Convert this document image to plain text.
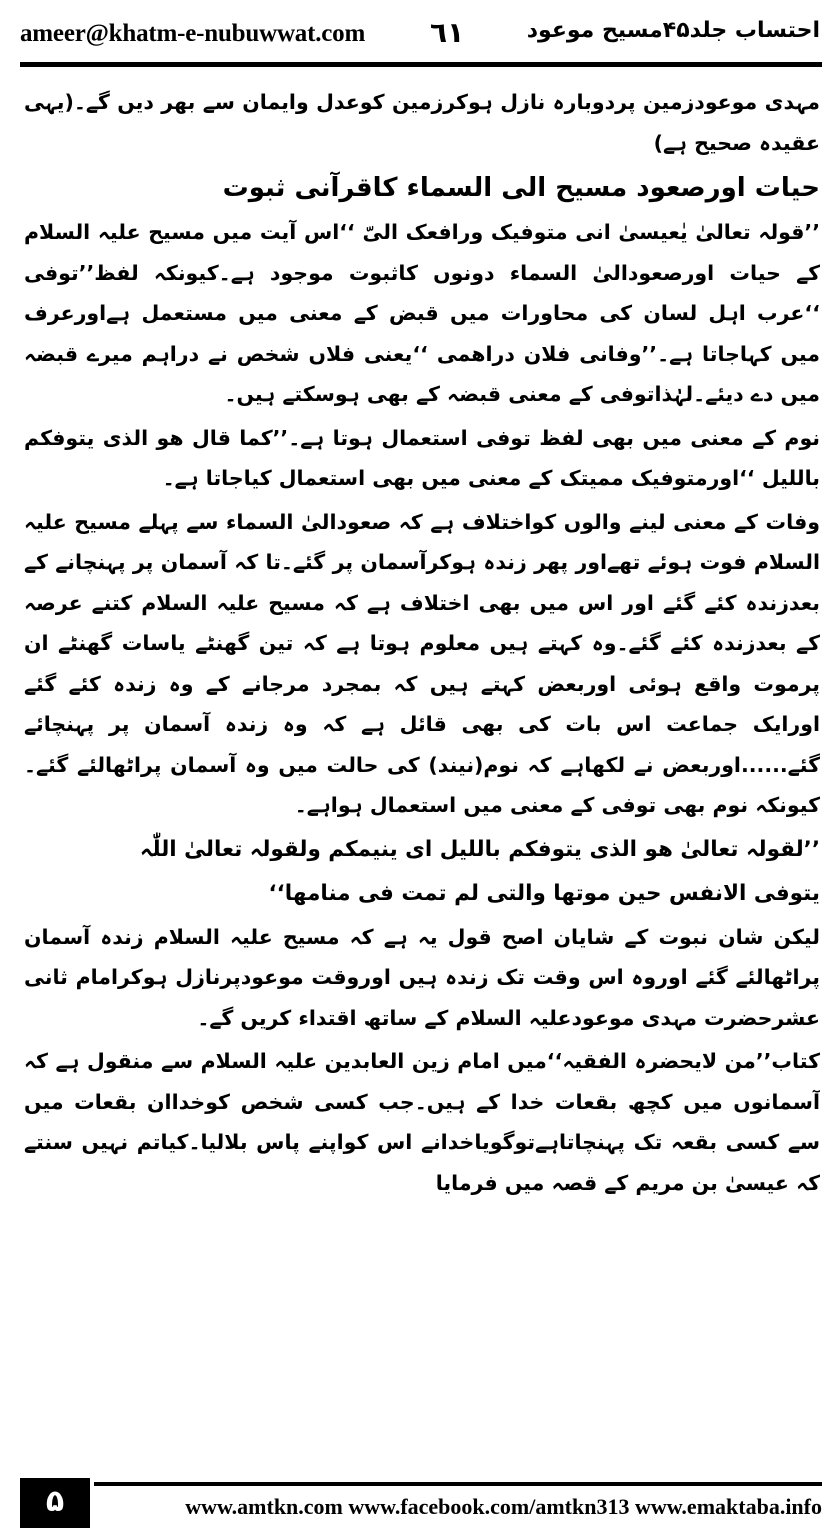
ameer@khatm-e-nubuwwat.com ٦١	احتساب جلد۴۵مسیح موعود

مہدی موعودزمین پردوبارہ نازل ہوکرزمین کوعدل وایمان سے بھر دیں گے۔(یہی عقیدہ صحیح ہے)

حیات اورصعود مسیح الی السماء کاقرآنی ثبوت

’’قولہ تعالیٰ یٰعیسیٰ انی متوفیک ورافعک الیّ ‘‘اس آیت میں مسیح علیہ السلام کے حیات اورصعودالیٰ السماء دونوں کاثبوت موجود ہے۔کیونکہ لفظ’’توفی ‘‘عرب اہل لسان کی محاورات میں قبض کے معنی میں مستعمل ہےاورعرف میں کہاجاتا ہے۔’’وفانی فلان دراھمی ‘‘یعنی فلاں شخص نے دراہم میرے قبضہ میں دے دیئے۔لہٰذاتوفی کے معنی قبضہ کے بھی ہوسکتے ہیں۔

نوم کے معنی میں بھی لفظ توفی استعمال ہوتا ہے۔’’کما قال ھو الذی یتوفکم باللیل ‘‘اورمتوفیک ممیتک کے معنی میں بھی استعمال کیاجاتا ہے۔

وفات کے معنی لینے والوں کواختلاف ہے کہ صعودالیٰ السماء سے پہلے مسیح علیہ السلام فوت ہوئے تھےاور پھر زندہ ہوکرآسمان پر گئے۔تا کہ آسمان پر پہنچانے کے بعدزندہ کئے گئے اور اس میں بھی اختلاف ہے کہ مسیح علیہ السلام کتنے عرصہ کے بعدزندہ کئے گئے۔وہ کہتے ہیں معلوم ہوتا ہے کہ تین گھنٹے یاسات گھنٹے ان پرموت واقع ہوئی اوربعض کہتے ہیں کہ بمجرد مرجانے کے وہ زندہ کئے گئے اورایک جماعت اس بات کی بھی قائل ہے کہ وہ زندہ آسمان پر پہنچائے گئے......اوربعض نے لکھاہے کہ نوم(نیند) کی حالت میں وہ آسمان پراٹھالئے گئے۔کیونکہ نوم بھی توفی کے معنی میں استعمال ہواہے۔

’’لقولہ تعالیٰ ھو الذی یتوفکم باللیل ای ینیمکم ولقولہ تعالیٰ اللّٰہ

یتوفی الانفس حین موتھا والتی لم تمت فی منامھا‘‘

لیکن شان نبوت کے شایان اصح قول یہ ہے کہ مسیح علیہ السلام زندہ آسمان پراٹھالئے گئے اوروہ اس وقت تک زندہ ہیں اوروقت موعودپرنازل ہوکرامام ثانی عشرحضرت مہدی موعودعلیہ السلام کے ساتھ اقتداء کریں گے۔

کتاب’’من لایحضرہ الفقیہ‘‘میں امام زین العابدین علیہ السلام سے منقول ہے کہ آسمانوں میں کچھ بقعات خدا کے ہیں۔جب کسی شخص کوخداان بقعات میں سے کسی بقعہ تک پہنچاتاہےتوگویاخدانے اس کواپنے پاس بلالیا۔کیاتم نہیں سنتے کہ عیسیٰ بن مریم کے قصہ میں فرمایا

۵	www.amtkn.com www.facebook.com/amtkn313 www.emaktaba.info
